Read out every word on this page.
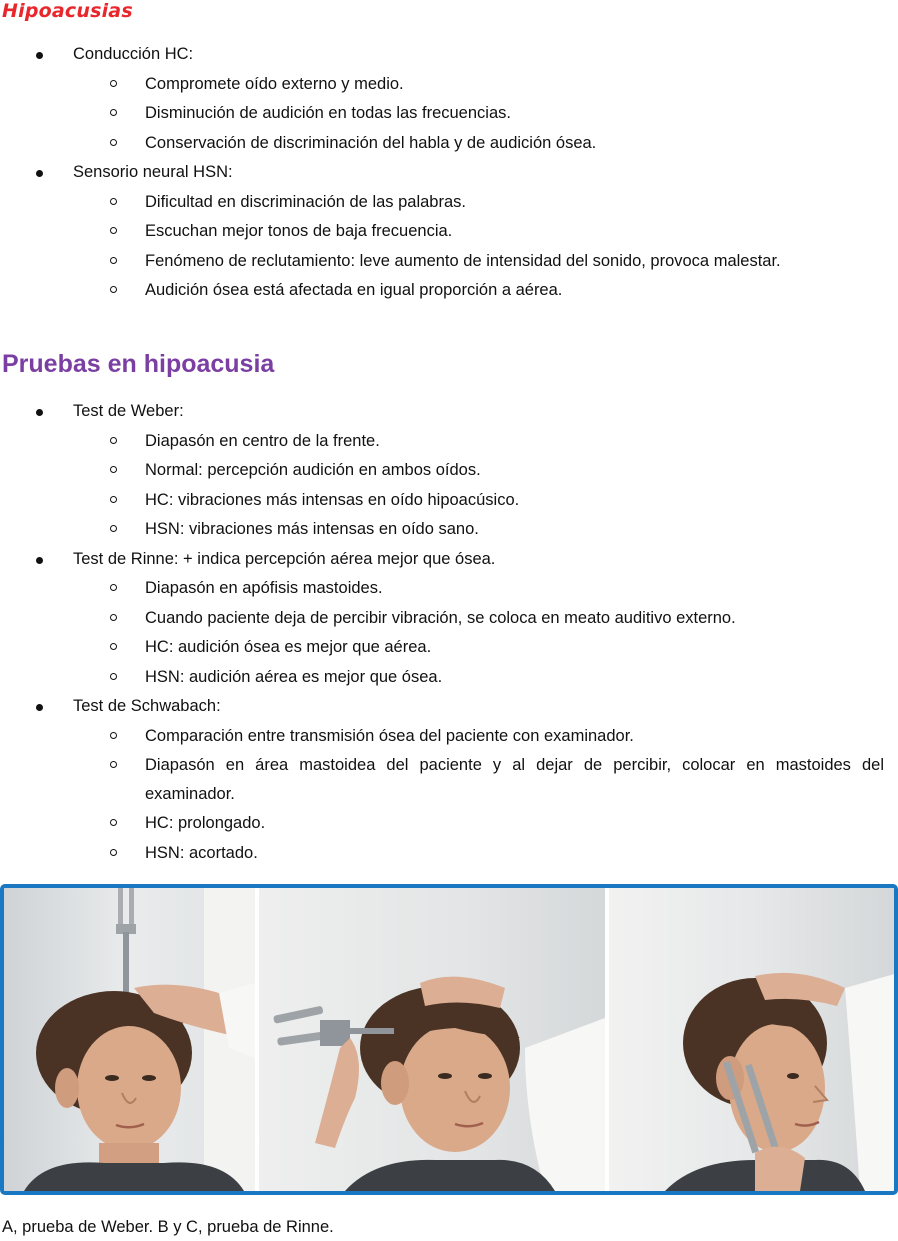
Hipoacusias
Conducción HC:
Compromete oído externo y medio.
Disminución de audición en todas las frecuencias.
Conservación de discriminación del habla y de audición ósea.
Sensorio neural HSN:
Dificultad en discriminación de las palabras.
Escuchan mejor tonos de baja frecuencia.
Fenómeno de reclutamiento: leve aumento de intensidad del sonido, provoca malestar.
Audición ósea está afectada en igual proporción a aérea.
Pruebas en hipoacusia
Test de Weber:
Diapasón en centro de la frente.
Normal: percepción audición en ambos oídos.
HC: vibraciones más intensas en oído hipoacúsico.
HSN: vibraciones más intensas en oído sano.
Test de Rinne: + indica percepción aérea mejor que ósea.
Diapasón en apófisis mastoides.
Cuando paciente deja de percibir vibración, se coloca en meato auditivo externo.
HC: audición ósea es mejor que aérea.
HSN: audición aérea es mejor que ósea.
Test de Schwabach:
Comparación entre transmisión ósea del paciente con examinador.
Diapasón en área mastoidea del paciente y al dejar de percibir, colocar en mastoides del examinador.
HC: prolongado.
HSN: acortado.
A, prueba de Weber. B y C, prueba de Rinne.
